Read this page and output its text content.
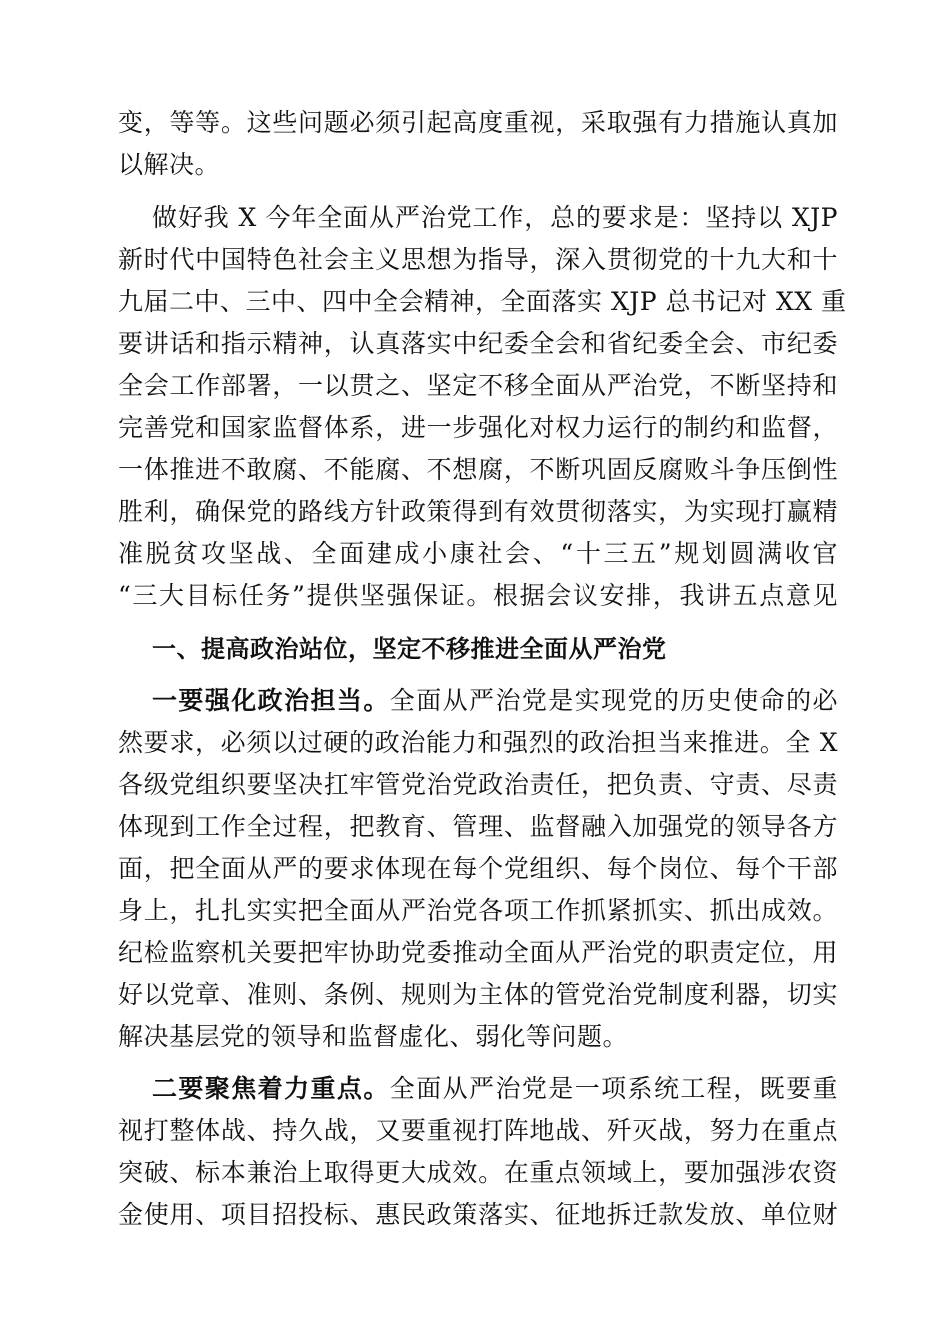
变，等等。这些问题必须引起高度重视，采取强有力措施认真加
以解决。
做好我 X 今年全面从严治党工作，总的要求是：坚持以 XJP
新时代中国特色社会主义思想为指导，深入贯彻党的十九大和十
九届二中、三中、四中全会精神，全面落实 XJP 总书记对 XX 重
要讲话和指示精神，认真落实中纪委全会和省纪委全会、市纪委
全会工作部署，一以贯之、坚定不移全面从严治党，不断坚持和
完善党和国家监督体系，进一步强化对权力运行的制约和监督，
一体推进不敢腐、不能腐、不想腐，不断巩固反腐败斗争压倒性
胜利，确保党的路线方针政策得到有效贯彻落实，为实现打赢精
准脱贫攻坚战、全面建成小康社会、“十三五”规划圆满收官
“三大目标任务”提供坚强保证。根据会议安排，我讲五点意见
一、提高政治站位，坚定不移推进全面从严治党
一要强化政治担当。全面从严治党是实现党的历史使命的必
然要求，必须以过硬的政治能力和强烈的政治担当来推进。全 X
各级党组织要坚决扛牢管党治党政治责任，把负责、守责、尽责
体现到工作全过程，把教育、管理、监督融入加强党的领导各方
面，把全面从严的要求体现在每个党组织、每个岗位、每个干部
身上，扎扎实实把全面从严治党各项工作抓紧抓实、抓出成效。
纪检监察机关要把牢协助党委推动全面从严治党的职责定位，用
好以党章、准则、条例、规则为主体的管党治党制度利器，切实
解决基层党的领导和监督虚化、弱化等问题。
二要聚焦着力重点。全面从严治党是一项系统工程，既要重
视打整体战、持久战，又要重视打阵地战、歼灭战，努力在重点
突破、标本兼治上取得更大成效。在重点领域上，要加强涉农资
金使用、项目招投标、惠民政策落实、征地拆迁款发放、单位财
